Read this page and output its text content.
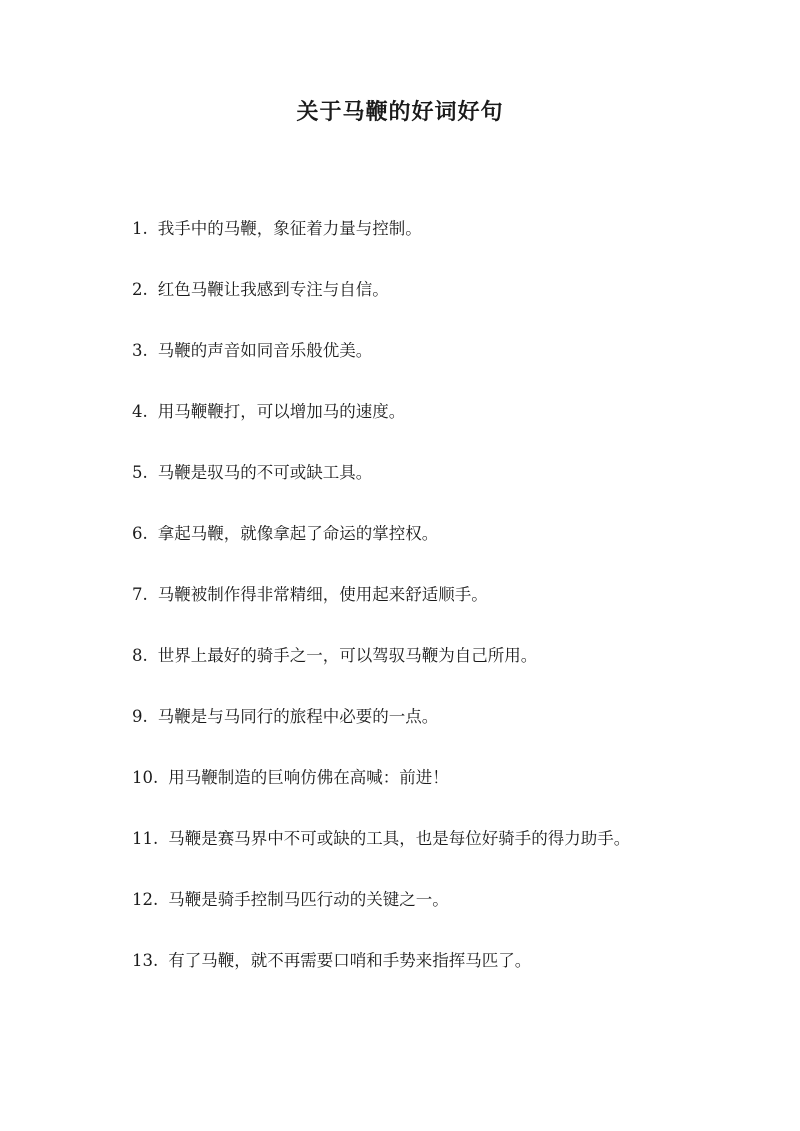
关于马鞭的好词好句
1. 我手中的马鞭，象征着力量与控制。
2. 红色马鞭让我感到专注与自信。
3. 马鞭的声音如同音乐般优美。
4. 用马鞭鞭打，可以增加马的速度。
5. 马鞭是驭马的不可或缺工具。
6. 拿起马鞭，就像拿起了命运的掌控权。
7. 马鞭被制作得非常精细，使用起来舒适顺手。
8. 世界上最好的骑手之一，可以驾驭马鞭为自己所用。
9. 马鞭是与马同行的旅程中必要的一点。
10. 用马鞭制造的巨响仿佛在高喊：前进！
11. 马鞭是赛马界中不可或缺的工具，也是每位好骑手的得力助手。
12. 马鞭是骑手控制马匹行动的关键之一。
13. 有了马鞭，就不再需要口哨和手势来指挥马匹了。
